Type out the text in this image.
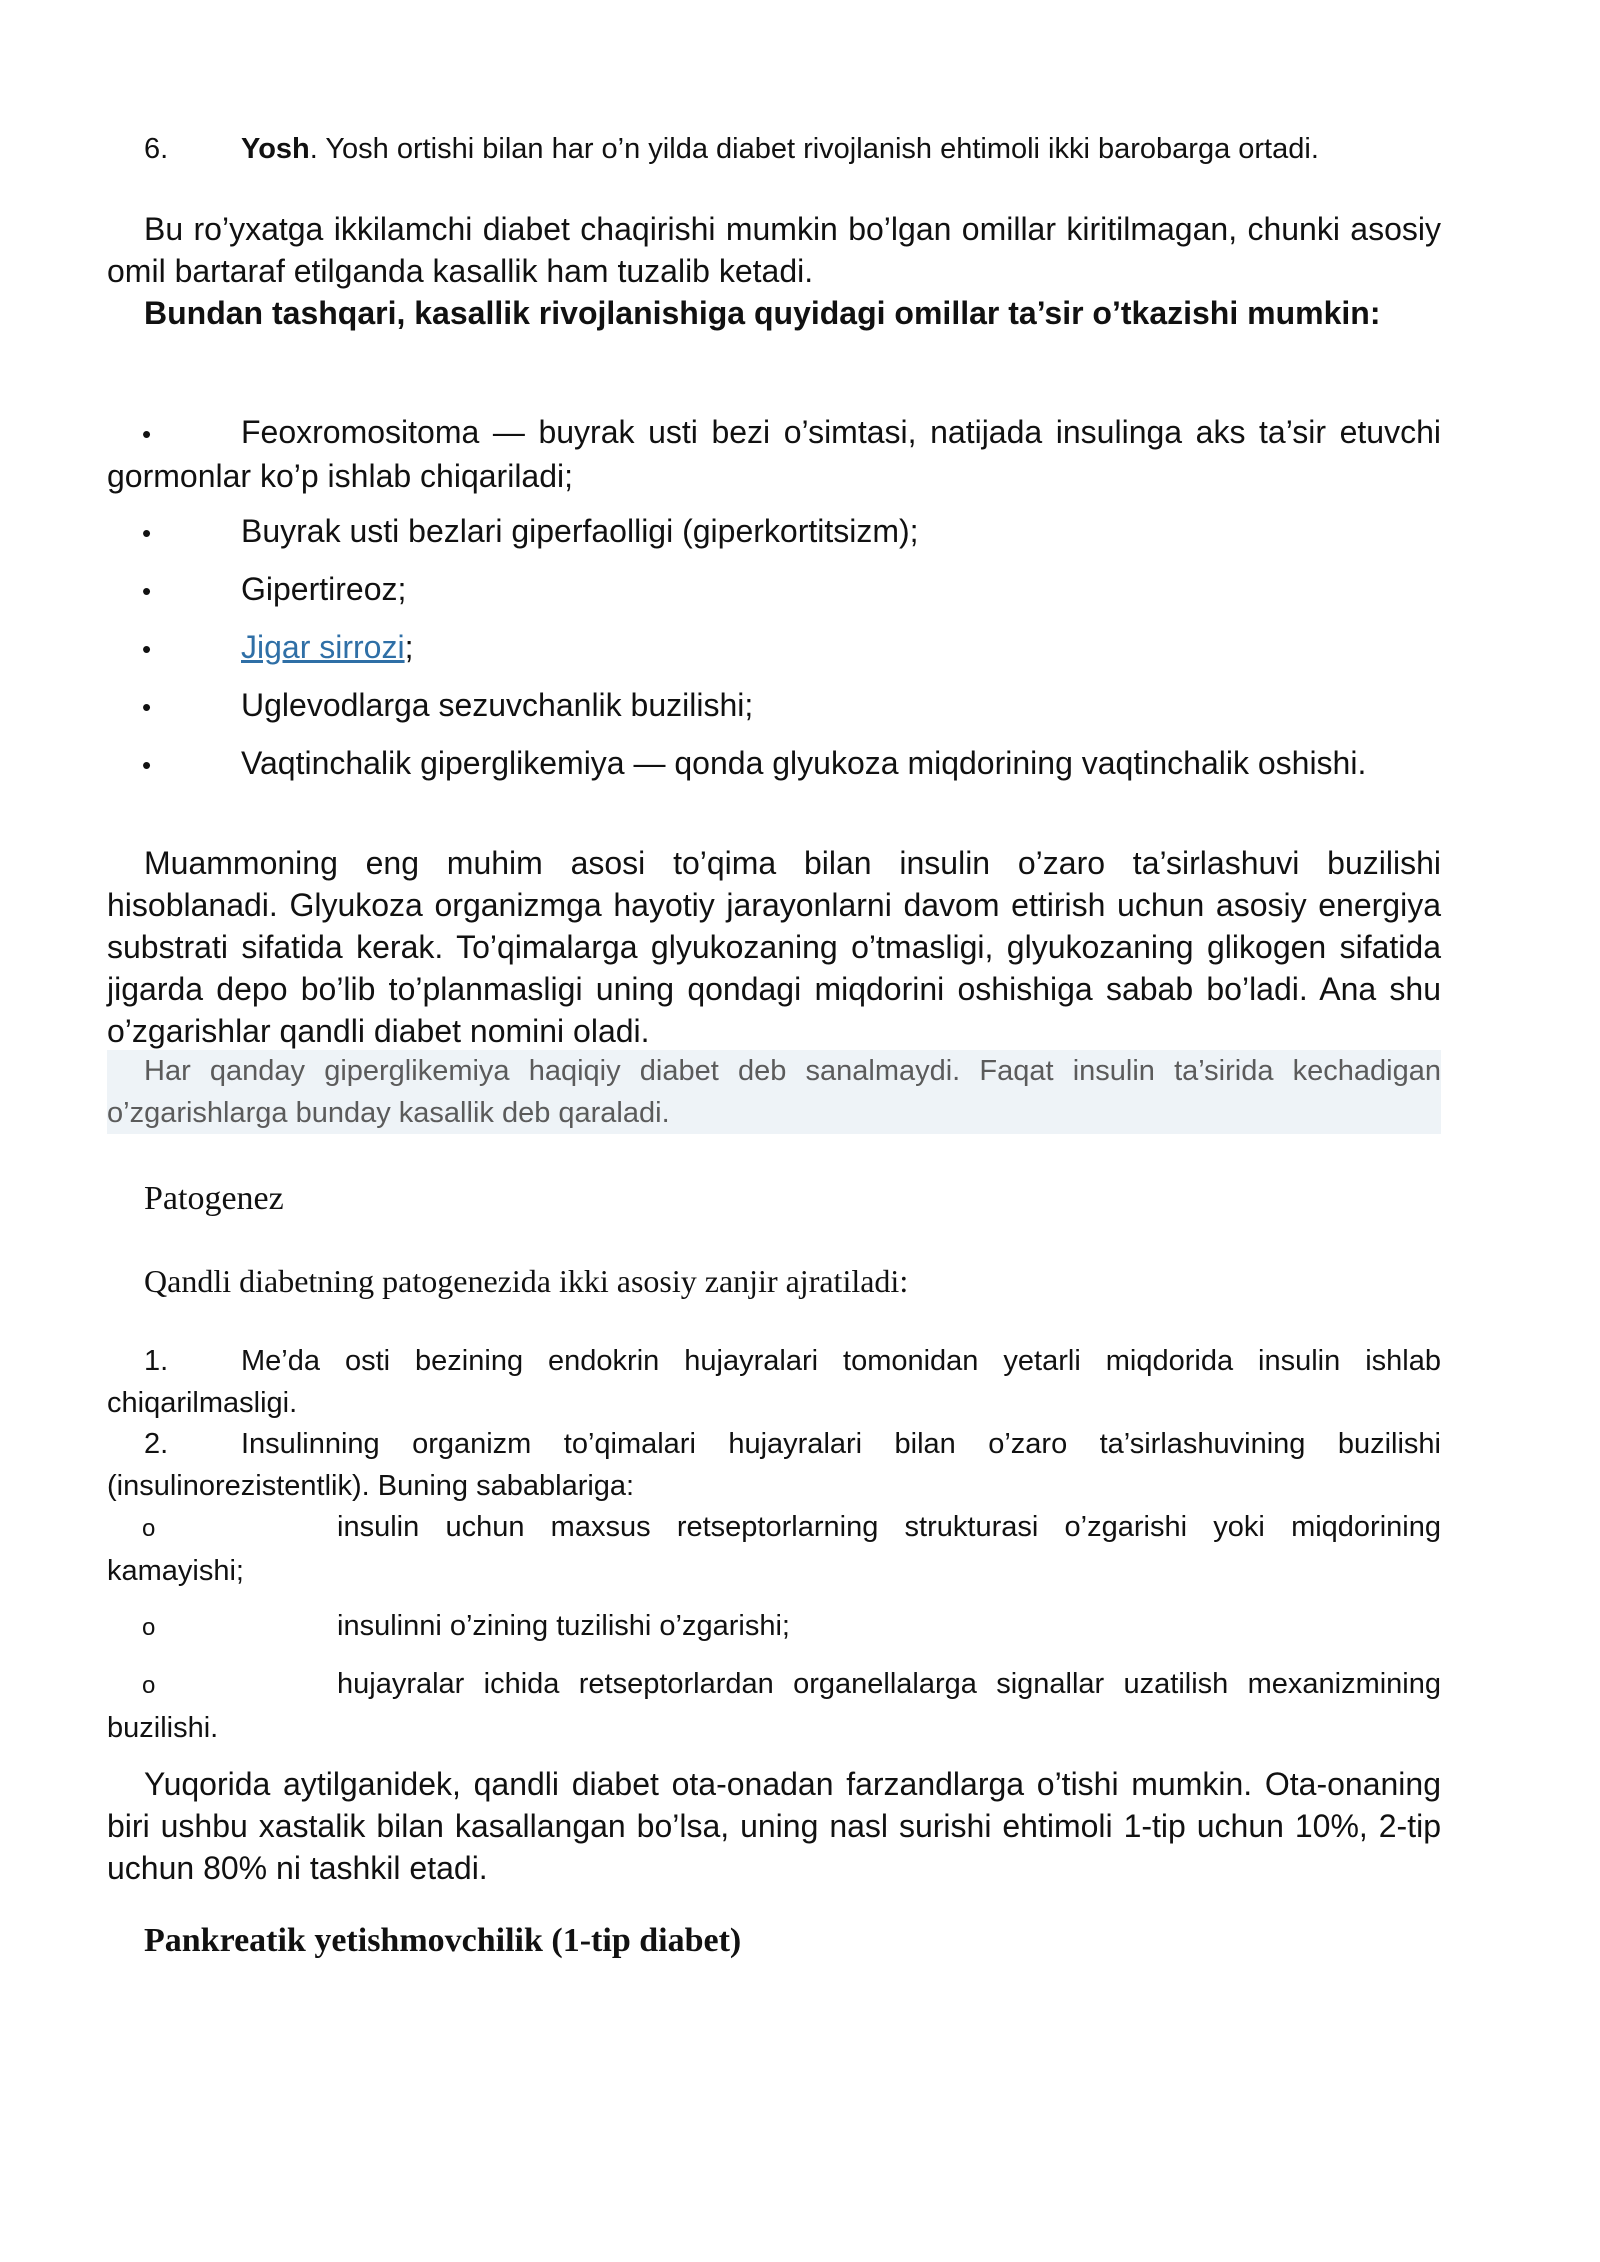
6.	Yosh. Yosh ortishi bilan har o’n yilda diabet rivojlanish ehtimoli ikki barobarga ortadi.
Bu ro’yxatga ikkilamchi diabet chaqirishi mumkin bo’lgan omillar kiritilmagan, chunki asosiy omil bartaraf etilganda kasallik ham tuzalib ketadi.
Bundan tashqari, kasallik rivojlanishiga quyidagi omillar ta’sir o’tkazishi mumkin:
•	Feoxromositoma — buyrak usti bezi o’simtasi, natijada insulinga aks ta’sir etuvchi gormonlar ko’p ishlab chiqariladi;
•	Buyrak usti bezlari giperfaolligi (giperkortitsizm);
•	Gipertireoz;
•	Jigar sirrozi;
•	Uglevodlarga sezuvchanlik buzilishi;
•	Vaqtinchalik giperglikemiya — qonda glyukoza miqdorining vaqtinchalik oshishi.
Muammoning eng muhim asosi to’qima bilan insulin o’zaro ta’sirlashuvi buzilishi hisoblanadi. Glyukoza organizmga hayotiy jarayonlarni davom ettirish uchun asosiy energiya substrati sifatida kerak. To’qimalarga glyukozaning o’tmasligi, glyukozaning glikogen sifatida jigarda depo bo’lib to’planmasligi uning qondagi miqdorini oshishiga sabab bo’ladi. Ana shu o’zgarishlar qandli diabet nomini oladi.
Har qanday giperglikemiya haqiqiy diabet deb sanalmaydi. Faqat insulin ta’sirida kechadigan o’zgarishlarga bunday kasallik deb qaraladi.
Patogenez
Qandli diabetning patogenezida ikki asosiy zanjir ajratiladi:
1.	Me’da osti bezining endokrin hujayralari tomonidan yetarli miqdorida insulin ishlab chiqarilmasligi.
2.	Insulinning organizm to’qimalari hujayralari bilan o’zaro ta’sirlashuvining buzilishi (insulinorezistentlik). Buning sabablariga:
o	insulin uchun maxsus retseptorlarning strukturasi o’zgarishi yoki miqdorining kamayishi;
o	insulinni o’zining tuzilishi o’zgarishi;
o	hujayralar ichida retseptorlardan organellalarga signallar uzatilish mexanizmining buzilishi.
Yuqorida aytilganidek, qandli diabet ota-onadan farzandlarga o’tishi mumkin. Ota-onaning biri ushbu xastalik bilan kasallangan bo’lsa, uning nasl surishi ehtimoli 1-tip uchun 10%, 2-tip uchun 80% ni tashkil etadi.
Pankreatik yetishmovchilik (1-tip diabet)
